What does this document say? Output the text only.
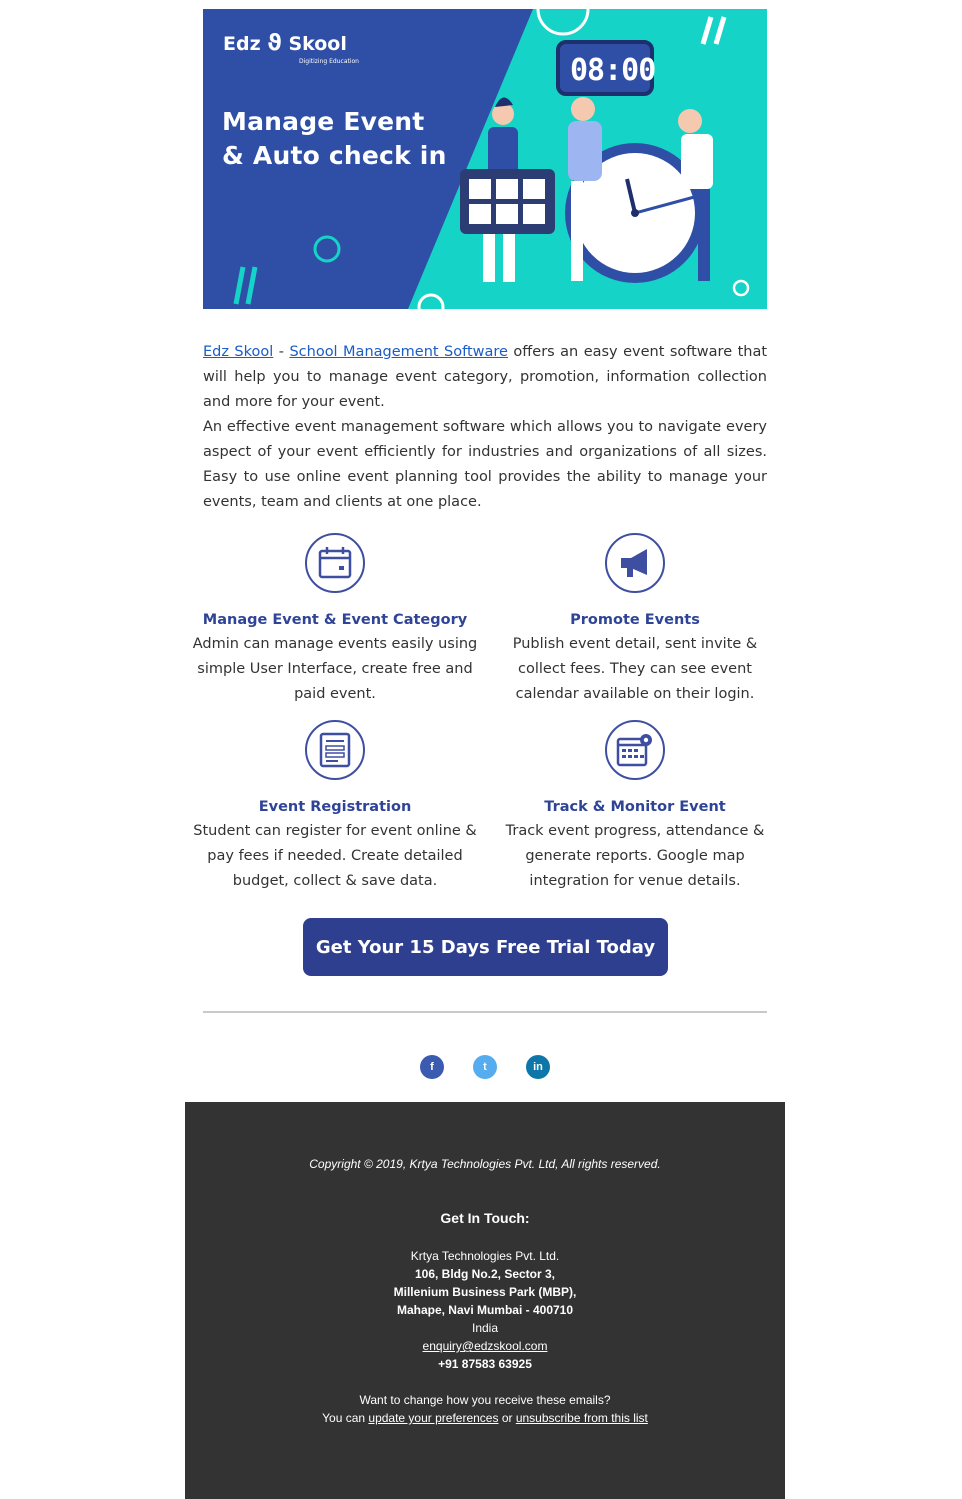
Edz ϑ Skool
Digitizing Education
Manage Event
& Auto check in
08:00

Edz Skool - School Management Software offers an easy event software that will help you to manage event category, promotion, information collection and more for your event.

An effective event management software which allows you to navigate every aspect of your event efficiently for industries and organizations of all sizes. Easy to use online event planning tool provides the ability to manage your events, team and clients at one place.

Manage Event & Event Category

Admin can manage events easily using simple User Interface, create free and paid event.

Promote Events

Publish event detail, sent invite & collect fees. They can see event calendar available on their login.

Event Registration

Student can register for event online & pay fees if needed. Create detailed budget, collect & save data.

Track & Monitor Event

Track event progress, attendance & generate reports. Google map integration for venue details.

Get Your 15 Days Free Trial Today
f	t	in
Copyright © 2019, Krtya Technologies Pvt. Ltd, All rights reserved.
Get In Touch:
Krtya Technologies Pvt. Ltd.
106, Bldg No.2, Sector 3,
Millenium Business Park (MBP),
Mahape, Navi Mumbai - 400710
India
enquiry@edzskool.com
+91 87583 63925
Want to change how you receive these emails?
You can update your preferences or unsubscribe from this list
